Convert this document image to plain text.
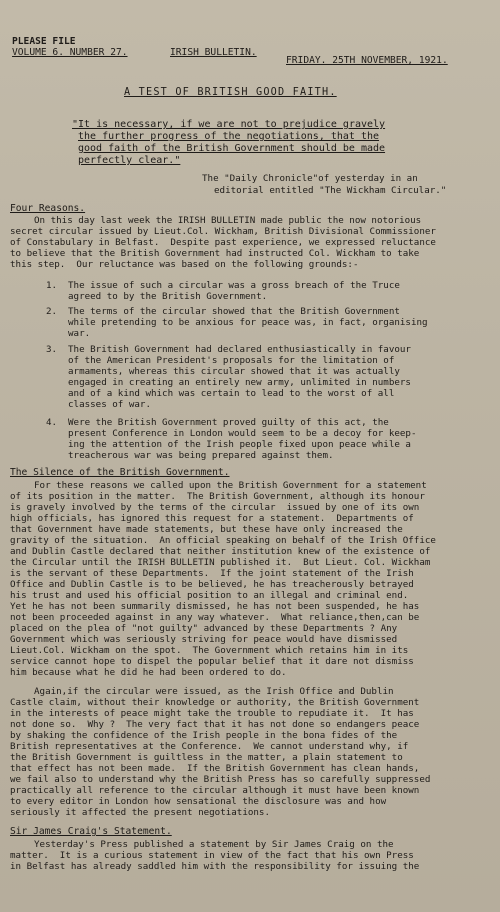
PLEASE FILE
VOLUME 6. NUMBER 27.	IRISH BULLETIN.
FRIDAY. 25TH NOVEMBER, 1921.
A TEST OF BRITISH GOOD FAITH.
"It is necessary, if we are not to prejudice gravely
the further progress of the negotiations, that the
good faith of the British Government should be made
perfectly clear."
The "Daily Chronicle"of yesterday in an
editorial entitled "The Wickham Circular."
Four Reasons.
On this day last week the IRISH BULLETIN made public the now notorious
secret circular issued by Lieut.Col. Wickham, British Divisional Commissioner
of Constabulary in Belfast.  Despite past experience, we expressed reluctance
to believe that the British Government had instructed Col. Wickham to take
this step.  Our reluctance was based on the following grounds:-
1. The issue of such a circular was a gross breach of the Truce
agreed to by the British Government.
2. The terms of the circular showed that the British Government
while pretending to be anxious for peace was, in fact, organising
war.
3. The British Government had declared enthusiastically in favour
of the American President's proposals for the limitation of
armaments, whereas this circular showed that it was actually
engaged in creating an entirely new army, unlimited in numbers
and of a kind which was certain to lead to the worst of all
classes of war.
4. Were the British Government proved guilty of this act, the
present Conference in London would seem to be a decoy for keep-
ing the attention of the Irish people fixed upon peace while a
treacherous war was being prepared against them.
The Silence of the British Government.
For these reasons we called upon the British Government for a statement
of its position in the matter.  The British Government, although its honour
is gravely involved by the terms of the circular  issued by one of its own
high officials, has ignored this request for a statement.  Departments of
that Government have made statements, but these have only increased the
gravity of the situation.  An official speaking on behalf of the Irish Office
and Dublin Castle declared that neither institution knew of the existence of
the Circular until the IRISH BULLETIN published it.  But Lieut. Col. Wickham
is the servant of these Departments.  If the joint statement of the Irish
Office and Dublin Castle is to be believed, he has treacherously betrayed
his trust and used his official position to an illegal and criminal end.
Yet he has not been summarily dismissed, he has not been suspended, he has
not been proceeded against in any way whatever.  What reliance,then,can be
placed on the plea of "not guilty" advanced by these Departments ? Any
Government which was seriously striving for peace would have dismissed
Lieut.Col. Wickham on the spot.  The Government which retains him in its
service cannot hope to dispel the popular belief that it dare not dismiss
him because what he did he had been ordered to do.
Again,if the circular were issued, as the Irish Office and Dublin
Castle claim, without their knowledge or authority, the British Government
in the interests of peace might take the trouble to repudiate it.  It has
not done so.  Why ?  The very fact that it has not done so endangers peace
by shaking the confidence of the Irish people in the bona fides of the
British representatives at the Conference.  We cannot understand why, if
the British Government is guiltless in the matter, a plain statement to
that effect has not been made.  If the British Government has clean hands,
we fail also to understand why the British Press has so carefully suppressed
practically all reference to the circular although it must have been known
to every editor in London how sensational the disclosure was and how
seriously it affected the present negotiations.
Sir James Craig's Statement.
Yesterday's Press published a statement by Sir James Craig on the
matter.  It is a curious statement in view of the fact that his own Press
in Belfast has already saddled him with the responsibility for issuing the
